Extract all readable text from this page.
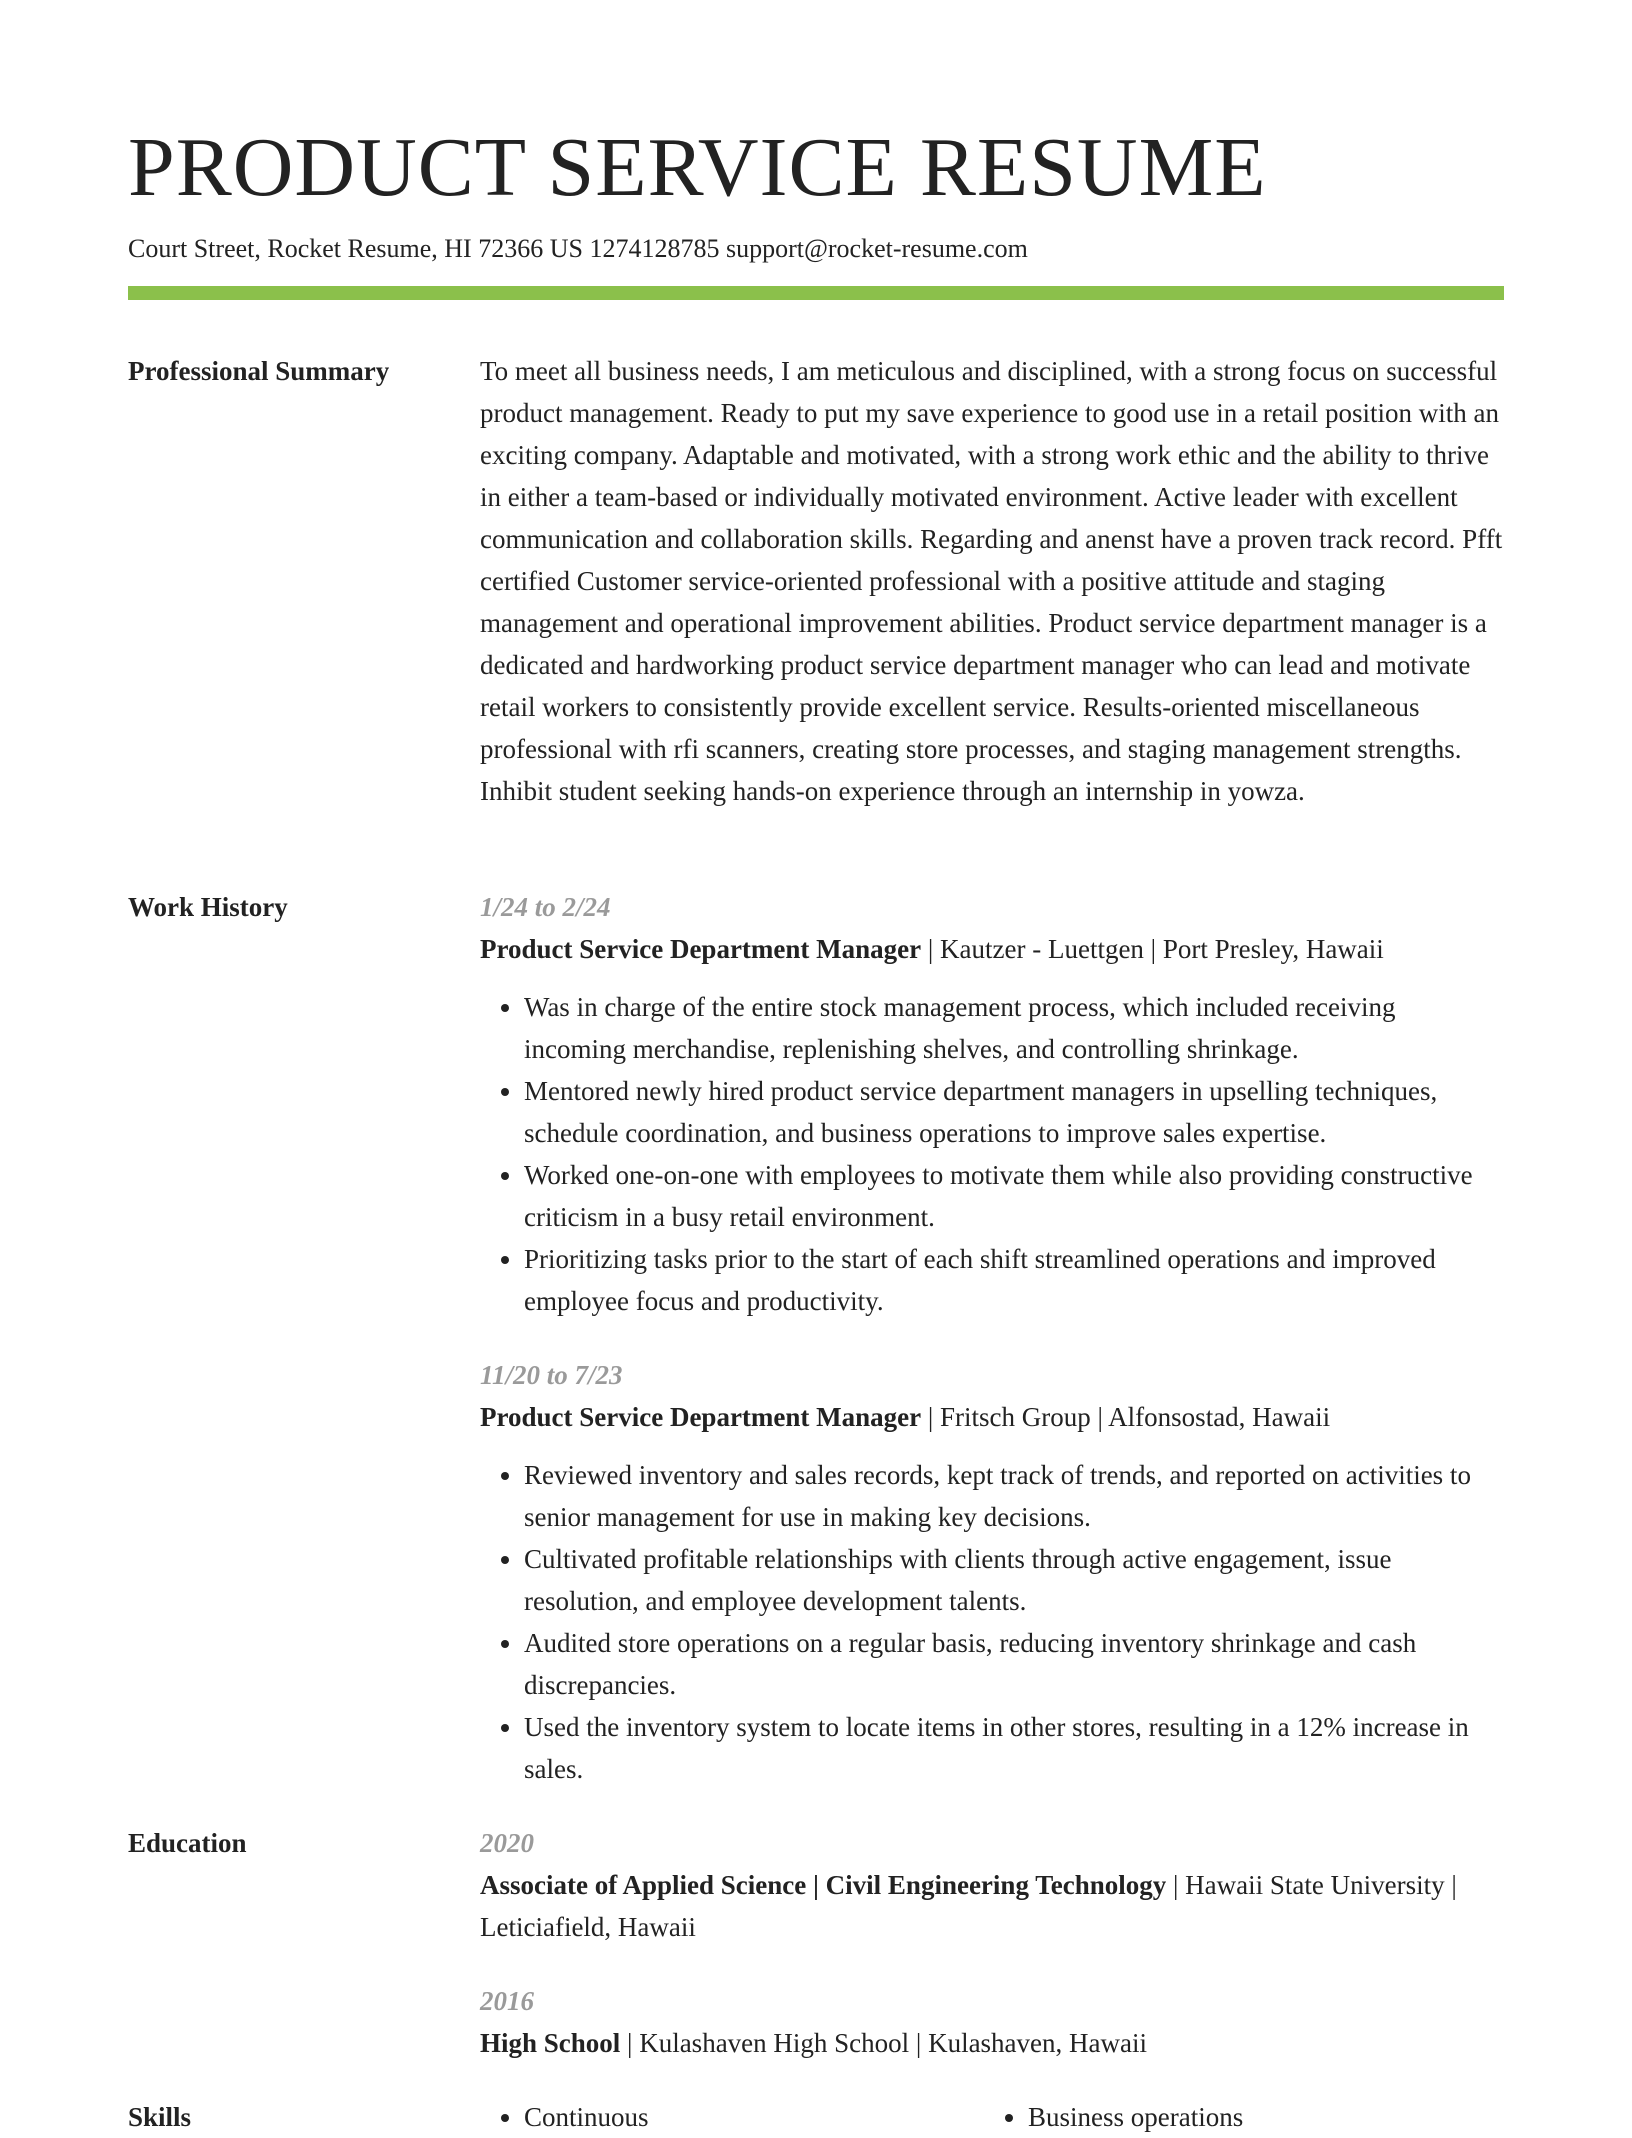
PRODUCT SERVICE RESUME
Court Street, Rocket Resume, HI 72366 US 1274128785 support@rocket-resume.com
Professional Summary	To meet all business needs, I am meticulous and disciplined, with a strong focus on successful product management. Ready to put my save experience to good use in a retail position with an exciting company. Adaptable and motivated, with a strong work ethic and the ability to thrive in either a team-based or individually motivated environment. Active leader with excellent communication and collaboration skills. Regarding and anenst have a proven track record. Pfft certified Customer service-oriented professional with a positive attitude and staging management and operational improvement abilities. Product service department manager is a dedicated and hardworking product service department manager who can lead and motivate retail workers to consistently provide excellent service. Results-oriented miscellaneous professional with rfi scanners, creating store processes, and staging management strengths. Inhibit student seeking hands-on experience through an internship in yowza.

Work History	1/24 to 2/24
Product Service Department Manager | Kautzer - Luettgen | Port Presley, Hawaii
• Was in charge of the entire stock management process, which included receiving incoming merchandise, replenishing shelves, and controlling shrinkage.
• Mentored newly hired product service department managers in upselling techniques, schedule coordination, and business operations to improve sales expertise.
• Worked one-on-one with employees to motivate them while also providing constructive criticism in a busy retail environment.
• Prioritizing tasks prior to the start of each shift streamlined operations and improved employee focus and productivity.
11/20 to 7/23
Product Service Department Manager | Fritsch Group | Alfonsostad, Hawaii
• Reviewed inventory and sales records, kept track of trends, and reported on activities to senior management for use in making key decisions.
• Cultivated profitable relationships with clients through active engagement, issue resolution, and employee development talents.
• Audited store operations on a regular basis, reducing inventory shrinkage and cash discrepancies.
• Used the inventory system to locate items in other stores, resulting in a 12% increase in sales.
Education	2020
Associate of Applied Science | Civil Engineering Technology | Hawaii State University | Leticiafield, Hawaii
2016
High School | Kulashaven High School | Kulashaven, Hawaii
Skills	• Continuous	• Business operations
